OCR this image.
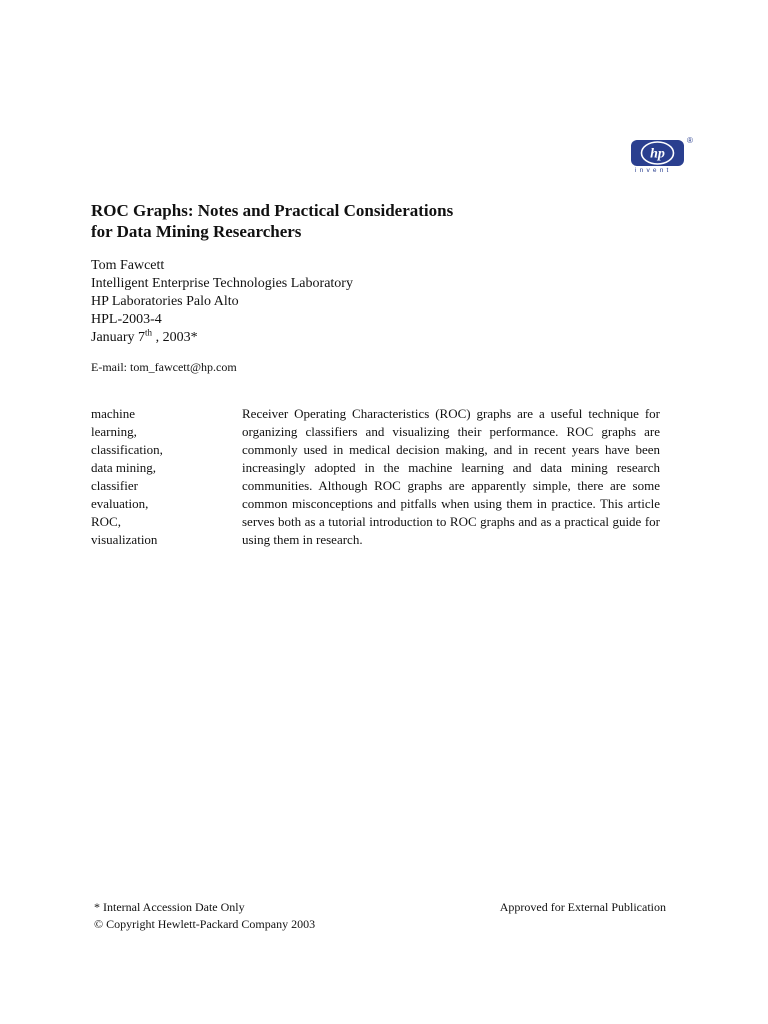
hp
®
invent
ROC Graphs: Notes and Practical Considerations
for Data Mining Researchers
Tom Fawcett
Intelligent Enterprise Technologies Laboratory
HP Laboratories Palo Alto
HPL-2003-4
January 7th , 2003*
E-mail: tom_fawcett@hp.com
machine
learning,
classification,
data mining,
classifier
evaluation,
ROC,
visualization

Receiver Operating Characteristics (ROC) graphs are a useful technique for organizing classifiers and visualizing their performance. ROC graphs are commonly used in medical decision making, and in recent years have been increasingly adopted in the machine learning and data mining research communities. Although ROC graphs are apparently simple, there are some common misconceptions and pitfalls when using them in practice. This article serves both as a tutorial introduction to ROC graphs and as a practical guide for using them in research.

* Internal Accession Date Only
© Copyright Hewlett-Packard Company 2003
Approved for External Publication
